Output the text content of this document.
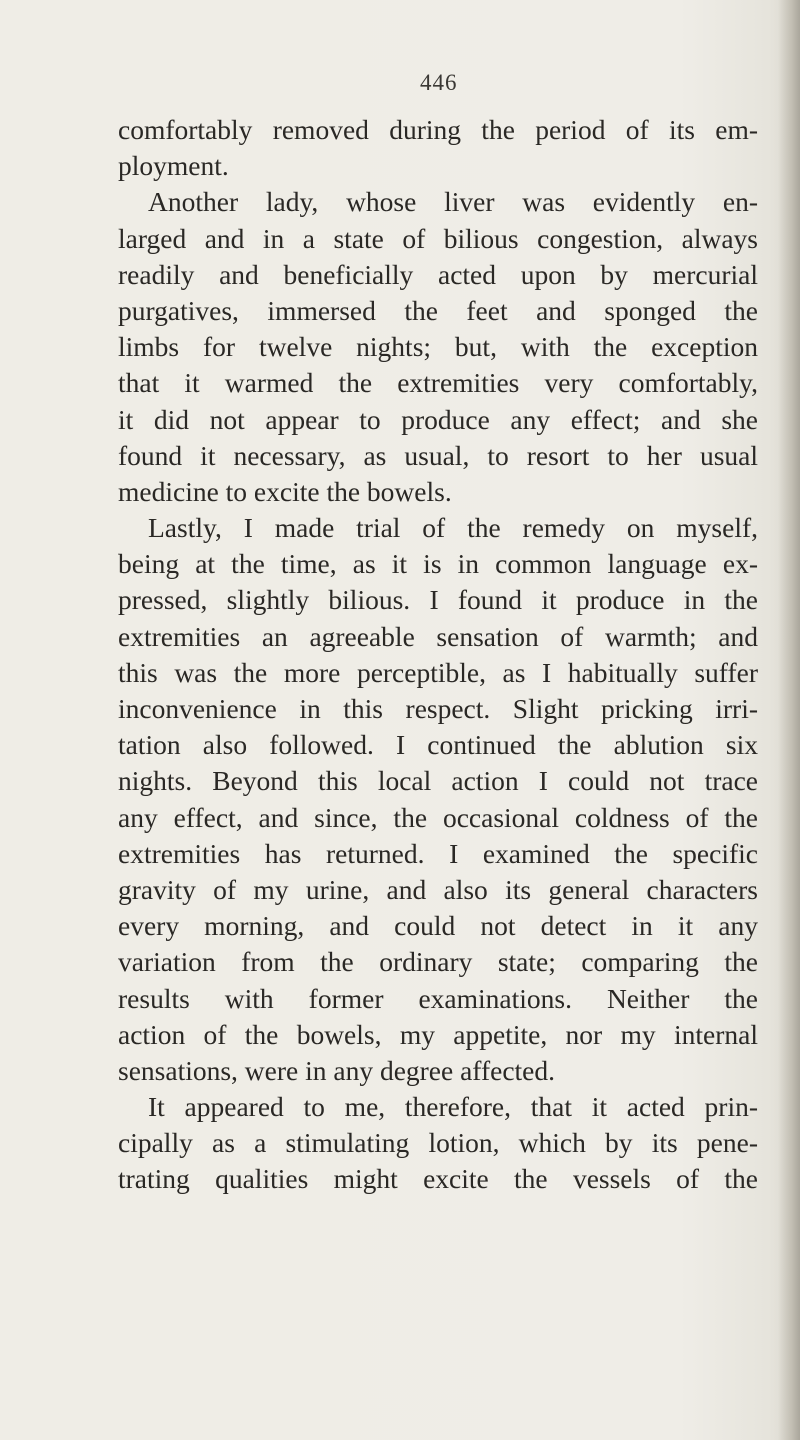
446
comfortably removed during the period of its em-
ployment.
Another lady, whose liver was evidently en-
larged and in a state of bilious congestion, always
readily and beneficially acted upon by mercurial
purgatives, immersed the feet and sponged the
limbs for twelve nights; but, with the exception
that it warmed the extremities very comfortably,
it did not appear to produce any effect; and she
found it necessary, as usual, to resort to her usual
medicine to excite the bowels.
Lastly, I made trial of the remedy on myself,
being at the time, as it is in common language ex-
pressed, slightly bilious. I found it produce in the
extremities an agreeable sensation of warmth; and
this was the more perceptible, as I habitually suffer
inconvenience in this respect. Slight pricking irri-
tation also followed. I continued the ablution six
nights. Beyond this local action I could not trace
any effect, and since, the occasional coldness of the
extremities has returned. I examined the specific
gravity of my urine, and also its general characters
every morning, and could not detect in it any
variation from the ordinary state; comparing the
results with former examinations. Neither the
action of the bowels, my appetite, nor my internal
sensations, were in any degree affected.
It appeared to me, therefore, that it acted prin-
cipally as a stimulating lotion, which by its pene-
trating qualities might excite the vessels of the
